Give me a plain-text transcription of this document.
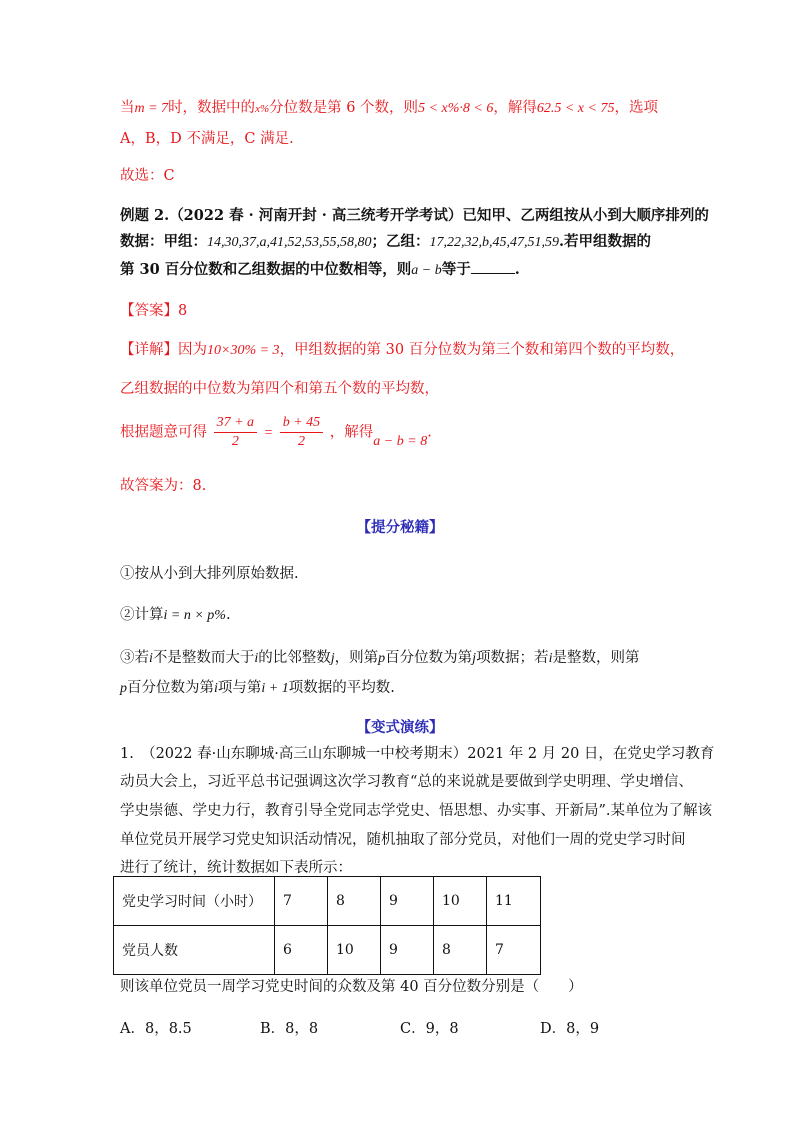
当m = 7时，数据中的x%分位数是第 6 个数，则5 < x%·8 < 6，解得62.5 < x < 75，选项
A，B，D 不满足，C 满足.
故选：C
例题 2.（2022 春 · 河南开封 · 高三统考开学考试）已知甲、乙两组按从小到大顺序排列的
数据：甲组：14,30,37,a,41,52,53,55,58,80；乙组：17,22,32,b,45,47,51,59.若甲组数据的
第 30 百分位数和乙组数据的中位数相等，则a − b等于	.
【答案】8
【详解】因为10×30% = 3，甲组数据的第 30 百分位数为第三个数和第四个数的平均数，
乙组数据的中位数为第四个和第五个数的平均数，
根据题意可得 $\frac{37 + a}{2} = \frac{b + 45}{2}$ ，解得a − b = 8.
故答案为：8.
【提分秘籍】
①按从小到大排列原始数据.
②计算i = n × p%.
③若i不是整数而大于i的比邻整数j，则第p百分位数为第j项数据；若i是整数，则第
p百分位数为第i项与第i + 1项数据的平均数.
【变式演练】
1.　（2022 春·山东聊城·高三山东聊城一中校考期末）2021 年 2 月 20 日，在党史学习教育
动员大会上，习近平总书记强调这次学习教育“总的来说就是要做到学史明理、学史增信、
学史崇德、学史力行，教育引导全党同志学党史、悟思想、办实事、开新局”.某单位为了解该
单位党员开展学习党史知识活动情况，随机抽取了部分党员，对他们一周的党史学习时间
进行了统计，统计数据如下表所示：
党史学习时间（小时）	7	8	9	10	11
党员人数	6	10	9	8	7
则该单位党员一周学习党史时间的众数及第 40 百分位数分别是（　　）
A．8，8.5	B．8，8	C．9，8	D．8，9
